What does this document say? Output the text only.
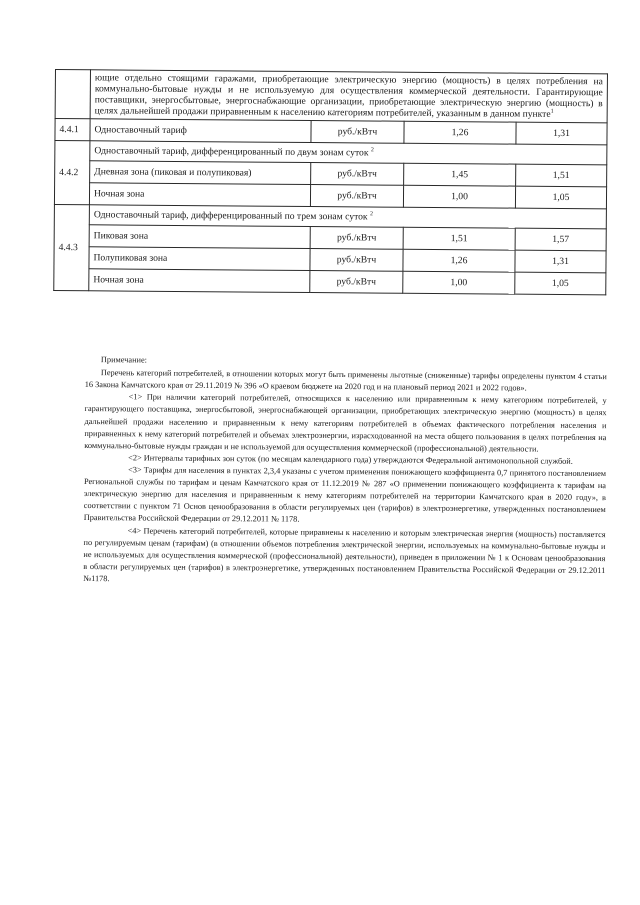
	ющие отдельно стоящими гаражами, приобретающие электрическую энергию (мощность) в целях потребления на коммунально-бытовые нужды и не используемую для осуществления коммерческой деятельности. Гарантирующие поставщики, энергосбытовые, энергоснабжающие организации, приобретающие электрическую энергию (мощность) в целях дальнейшей продажи приравненным к населению категориям потребителей, указанным в данном пункте$^1$
4.4.1	Одноставочный тариф	руб./кВтч	1,26	1,31
4.4.2	Одноставочный тариф, дифференцированный по двум зонам суток $^2$
	Дневная зона (пиковая и полупиковая)	руб./кВтч	1,45	1,51
	Ночная зона	руб./кВтч	1,00	1,05
4.4.3	Одноставочный тариф, дифференцированный по трем зонам суток $^2$
	Пиковая зона	руб./кВтч	1,51	1,57
	Полупиковая зона	руб./кВтч	1,26	1,31
	Ночная зона	руб./кВтч	1,00	1,05

Примечание:

Перечень категорий потребителей, в отношении которых могут быть применены льготные (сниженные) тарифы определены пунктом 4 статьи 16 Закона Камчатского края от 29.11.2019 № 396 «О краевом бюджете на 2020 год и на плановый период 2021 и 2022 годов».

<1> При наличии категорий потребителей, относящихся к населению или приравненным к нему категориям потребителей, у гарантирующего поставщика, энергосбытовой, энергоснабжающей организации, приобретающих электрическую энергию (мощность) в целях дальнейшей продажи населению и приравненным к нему категориям потребителей в объемах фактического потребления населения и приравненных к нему категорий потребителей и объемах электроэнергии, израсходованной на места общего пользования в целях потребления на коммунально-бытовые нужды граждан и не используемой для осуществления коммерческой (профессиональной) деятельности.

<2> Интервалы тарифных зон суток (по месяцам календарного года) утверждаются Федеральной антимонопольной службой.

<3> Тарифы для населения в пунктах 2,3,4 указаны с учетом применения понижающего коэффициента 0,7 принятого постановлением Региональной службы по тарифам и ценам Камчатского края от 11.12.2019 № 287 «О применении понижающего коэффициента к тарифам на электрическую энергию для населения и приравненным к нему категориям потребителей на территории Камчатского края в 2020 году», в соответствии с пунктом 71 Основ ценообразования в области регулируемых цен (тарифов) в электроэнергетике, утвержденных постановлением Правительства Российской Федерации от 29.12.2011 № 1178.

<4> Перечень категорий потребителей, которые приравнены к населению и которым электрическая энергия (мощность) поставляется по регулируемым ценам (тарифам) (в отношении объемов потребления электрической энергии, используемых на коммунально-бытовые нужды и не используемых для осуществления коммерческой (профессиональной) деятельности), приведен в приложении № 1 к Основам ценообразования в области регулируемых цен (тарифов) в электроэнергетике, утвержденных постановлением Правительства Российской Федерации от 29.12.2011 №1178.
